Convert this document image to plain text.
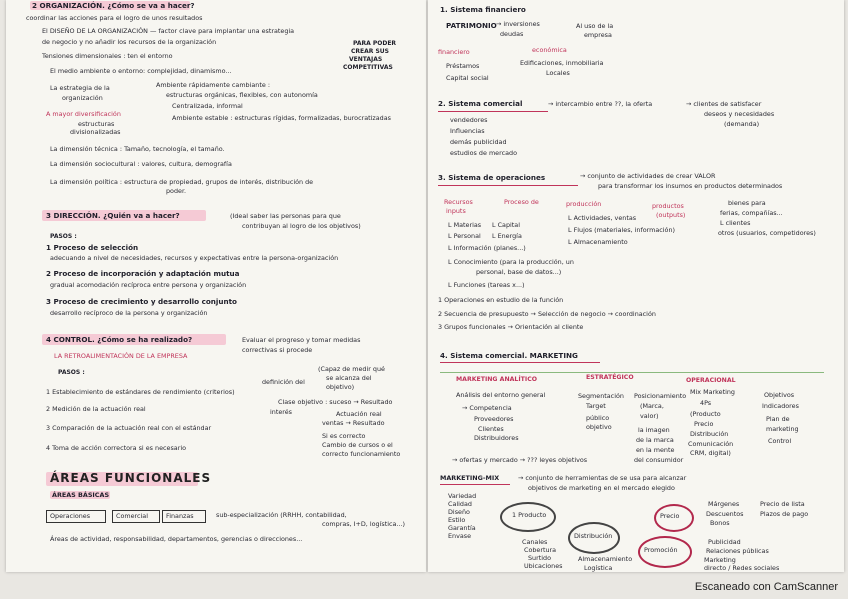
2 ORGANIZACIÓN. ¿Cómo se va a hacer?
coordinar las acciones para el logro de unos resultados
El DISEÑO DE LA ORGANIZACIÓN — factor clave para implantar una estrategia
de negocio y no añadir los recursos de la organización	PARA PODER
CREAR SUS
VENTAJAS
COMPETITIVAS
Tensiones dimensionales : ten el entorno
El medio ambiente o entorno: complejidad, dinamismo...
La estrategia de la
organización
Ambiente rápidamente cambiante :
estructuras orgánicas, flexibles, con autonomía
Centralizada, informal
Ambiente estable : estructuras rígidas, formalizadas, burocratizadas
A mayor diversificación
estructuras
divisionalizadas
La dimensión técnica : Tamaño, tecnología, el tamaño.
La dimensión sociocultural : valores, cultura, demografía
La dimensión política : estructura de propiedad, grupos de interés, distribución de
poder.
3 DIRECCIÓN. ¿Quién va a hacer?	(Ideal saber las personas para que
contribuyan al logro de los objetivos)
PASOS :
1 Proceso de selección
adecuando a nivel de necesidades, recursos y expectativas entre la persona-organización
2 Proceso de incorporación y adaptación mutua
gradual acomodación recíproca entre persona y organización
3 Proceso de crecimiento y desarrollo conjunto
desarrollo recíproco de la persona y organización
4 CONTROL. ¿Cómo se ha realizado?	Evaluar el progreso y tomar medidas
correctivas si procede
LA RETROALIMENTACIÓN DE LA EMPRESA
PASOS :	(Capaz de medir qué
se alcanza del
objetivo)
1 Establecimiento de estándares de rendimiento (criterios)
definición del
2 Medición de la actuación real
Clase objetivo : suceso → Resultado
interés	Actuación real
ventas → Resultado
3 Comparación de la actuación real con el estándar
4 Toma de acción correctora si es necesario
Si es correcto
Cambio de cursos o el
correcto funcionamiento
ÁREAS FUNCIONALES
ÁREAS BÁSICAS
Operaciones	Comercial	Finanzas	sub-especialización (RRHH, contabilidad,
compras, I+D, logística...)
Áreas de actividad, responsabilidad, departamentos, gerencias o direcciones...
1. Sistema financiero
PATRIMONIO → inversiones
deudas
Al uso de la
empresa
financiero	económica
Préstamos
Capital social
Edificaciones, inmobiliaria
Locales
2. Sistema comercial	→ intercambio entre ??, la oferta	→ clientes de satisfacer
deseos y necesidades
(demanda)
vendedores
Influencias
demás publicidad
estudios de mercado
3. Sistema de operaciones	→ conjunto de actividades de crear VALOR
para transformar los insumos en productos determinados
Recursos
inputs
Proceso de	producción	productos
(outputs)
bienes para
L Materias L Capital
L Personal L Energía
L Información (planes...)
L Conocimiento (para la producción, un
personal, base de datos...)
L Funciones (tareas x...)
L Actividades, ventas
L Flujos (materiales, información)
L Almacenamiento
ferias, compañías...
L clientes
otros (usuarios, competidores)
1 Operaciones en estudio de la función
2 Secuencia de presupuesto → Selección de negocio → coordinación
3 Grupos funcionales → Orientación al cliente
4. Sistema comercial. MARKETING
MARKETING ANALÍTICO	ESTRATÉGICO	OPERACIONAL
Análisis del entorno general
→ Competencia
Proveedores
Clientes
Distribuidores
Segmentación
Target
público
objetivo
Posicionamiento
(Marca,
valor)
la imagen
de la marca
en la mente
del consumidor
Mix Marketing
4Ps
(Producto
Precio
Distribución
Comunicación
CRM, digital)
Objetivos
Indicadores
Plan de
marketing
Control
→ ofertas y mercado → ??? leyes objetivos
MARKETING-MIX	→ conjunto de herramientas de se usa para alcanzar
objetivos de marketing en el mercado elegido
Variedad
Calidad
Diseño
Estilo
Garantía
Envase
1 Producto	Precio
Distribución
Promoción
Márgenes
Descuentos
Bonos
Precio de lista
Plazos de pago
Canales
Cobertura
Surtido
Ubicaciones
Almacenamiento
Logística
Publicidad
Relaciones públicas
Marketing
directo / Redes sociales
Escaneado con CamScanner
